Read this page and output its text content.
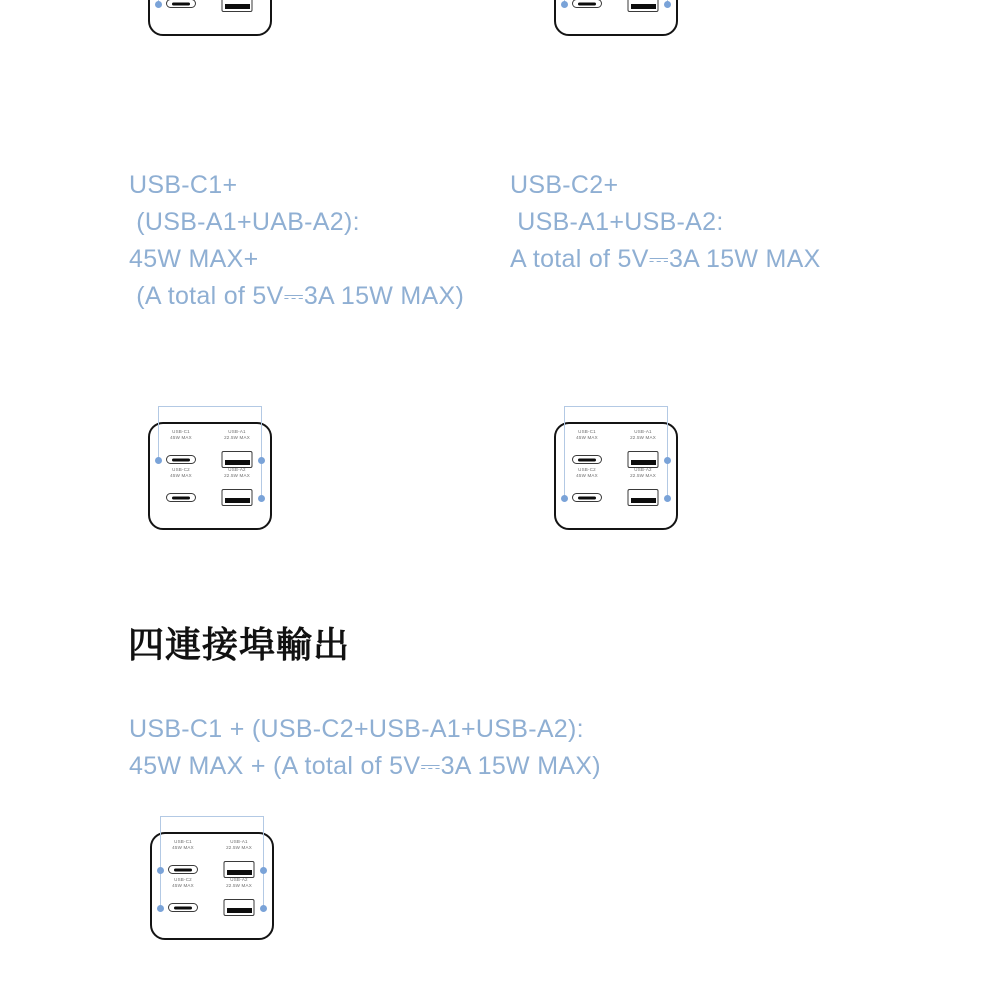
USB-C1+
(USB-A1+UAB-A2):
45W MAX+
(A total of 5V⎓3A 15W MAX)
USB-C2+
USB-A1+USB-A2:
A total of 5V⎓3A 15W MAX
USB-C1
45W MAX
USB-A1
22.5W MAX
USB-C2
45W MAX
USB-A2
22.5W MAX
USB-C1
45W MAX
USB-A1
22.5W MAX
USB-C2
45W MAX
USB-A2
22.5W MAX
四連接埠輸出
USB-C1 + (USB-C2+USB-A1+USB-A2):
45W MAX + (A total of 5V⎓3A 15W MAX)
USB-C1
45W MAX
USB-A1
22.5W MAX
USB-C2
45W MAX
USB-A2
22.5W MAX
